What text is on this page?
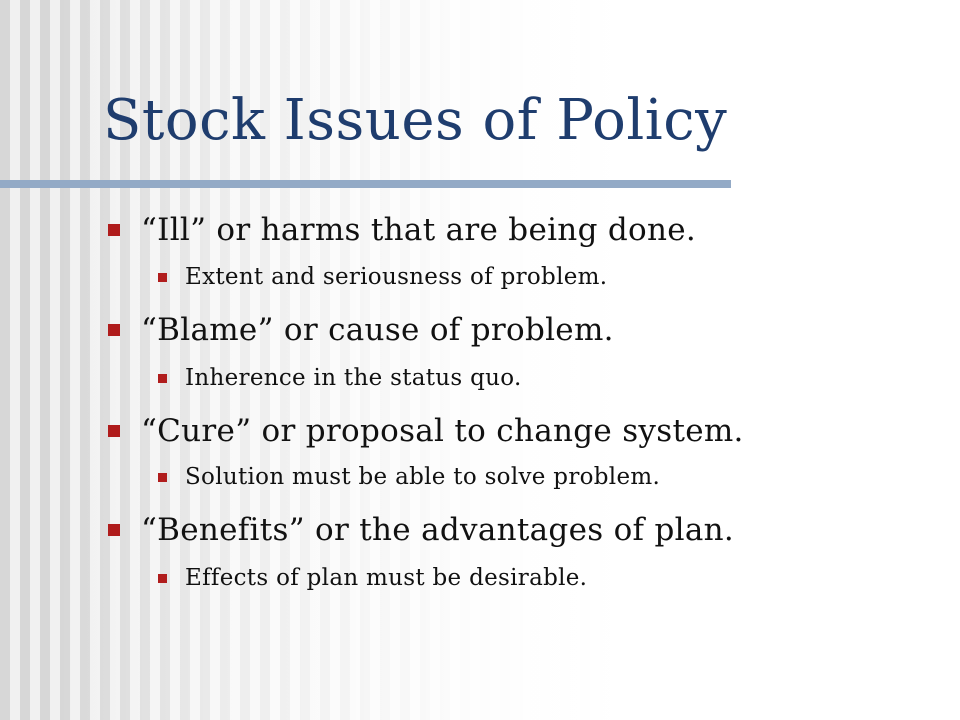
Stock Issues of Policy
“Ill” or harms that are being done.
Extent and seriousness of problem.
“Blame” or cause of problem.
Inherence in the status quo.
“Cure” or proposal to change system.
Solution must be able to solve problem.
“Benefits” or the advantages of plan.
Effects of plan must be desirable.
